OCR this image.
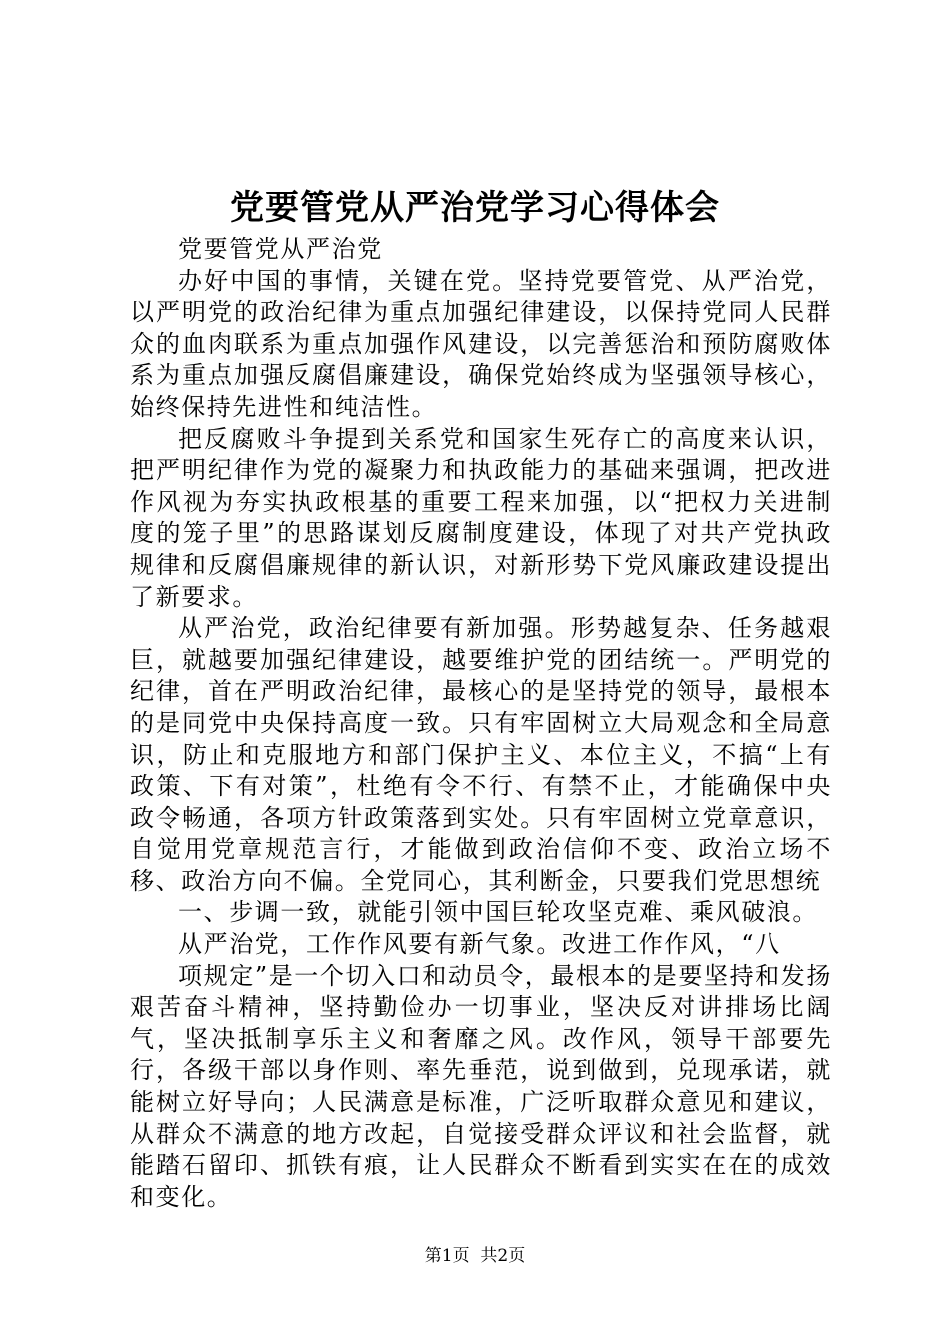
党要管党从严治党学习心得体会

党要管党从严治党

办好中国的事情，关键在党。坚持党要管党、从严治党，以严明党的政治纪律为重点加强纪律建设，以保持党同人民群众的血肉联系为重点加强作风建设，以完善惩治和预防腐败体系为重点加强反腐倡廉建设，确保党始终成为坚强领导核心，始终保持先进性和纯洁性。

把反腐败斗争提到关系党和国家生死存亡的高度来认识，把严明纪律作为党的凝聚力和执政能力的基础来强调，把改进作风视为夯实执政根基的重要工程来加强，以“把权力关进制度的笼子里”的思路谋划反腐制度建设，体现了对共产党执政规律和反腐倡廉规律的新认识，对新形势下党风廉政建设提出了新要求。

从严治党，政治纪律要有新加强。形势越复杂、任务越艰巨，就越要加强纪律建设，越要维护党的团结统一。严明党的纪律，首在严明政治纪律，最核心的是坚持党的领导，最根本的是同党中央保持高度一致。只有牢固树立大局观念和全局意识，防止和克服地方和部门保护主义、本位主义，不搞“上有政策、下有对策”，杜绝有令不行、有禁不止，才能确保中央政令畅通，各项方针政策落到实处。只有牢固树立党章意识，自觉用党章规范言行，才能做到政治信仰不变、政治立场不移、政治方向不偏。全党同心，其利断金，只要我们党思想统

一、步调一致，就能引领中国巨轮攻坚克难、乘风破浪。

从严治党，工作作风要有新气象。改进工作作风，“八

项规定”是一个切入口和动员令，最根本的是要坚持和发扬艰苦奋斗精神，坚持勤俭办一切事业，坚决反对讲排场比阔气，坚决抵制享乐主义和奢靡之风。改作风，领导干部要先行，各级干部以身作则、率先垂范，说到做到，兑现承诺，就能树立好导向；人民满意是标准，广泛听取群众意见和建议，从群众不满意的地方改起，自觉接受群众评议和社会监督，就能踏石留印、抓铁有痕，让人民群众不断看到实实在在的成效和变化。

第1页 共2页
